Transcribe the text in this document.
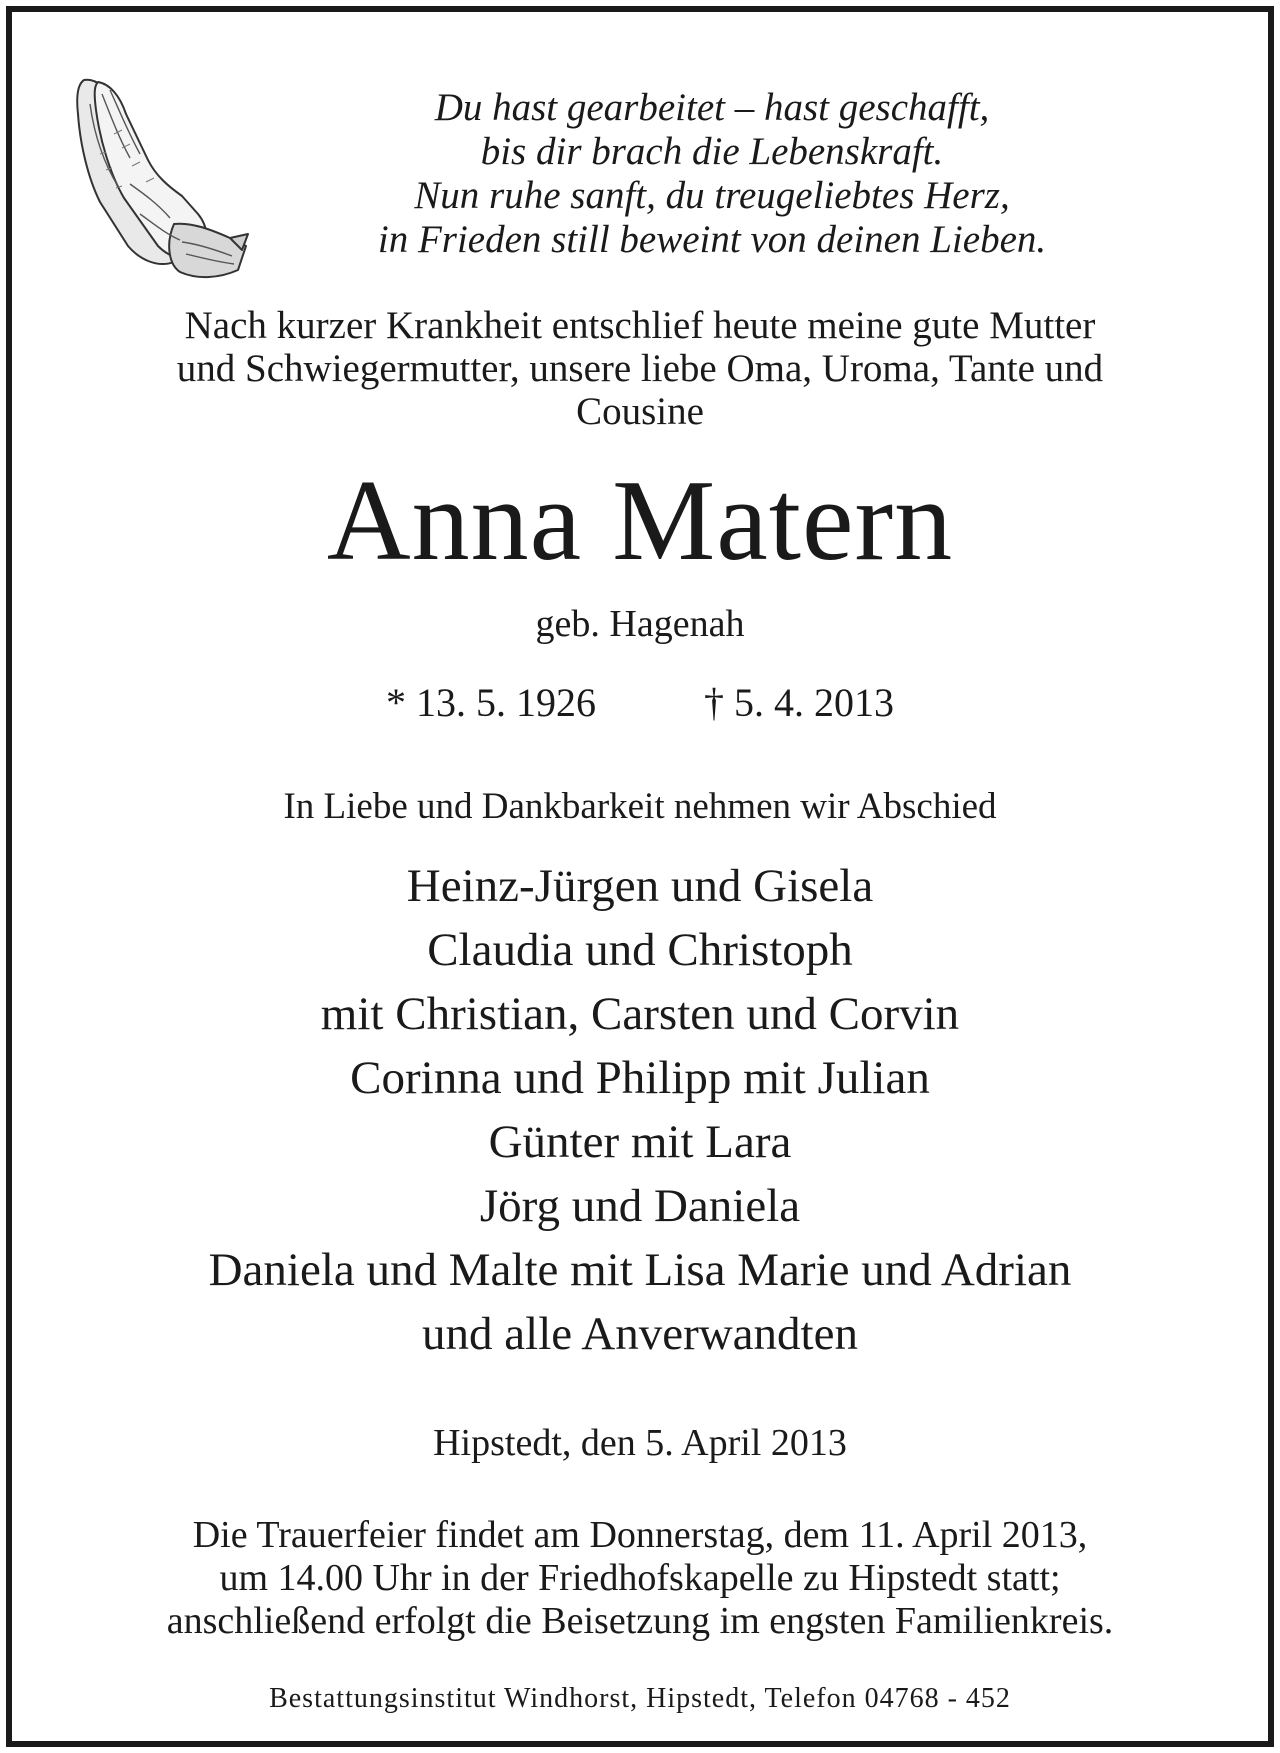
Du hast gearbeitet – hast geschafft,
bis dir brach die Lebenskraft.
Nun ruhe sanft, du treugeliebtes Herz,
in Frieden still beweint von deinen Lieben.
Nach kurzer Krankheit entschlief heute meine gute Mutter
und Schwiegermutter, unsere liebe Oma, Uroma, Tante und
Cousine
Anna Matern
geb. Hagenah
* 13. 5. 1926	† 5. 4. 2013
In Liebe und Dankbarkeit nehmen wir Abschied
Heinz-Jürgen und Gisela
Claudia und Christoph
mit Christian, Carsten und Corvin
Corinna und Philipp mit Julian
Günter mit Lara
Jörg und Daniela
Daniela und Malte mit Lisa Marie und Adrian
und alle Anverwandten
Hipstedt, den 5. April 2013
Die Trauerfeier findet am Donnerstag, dem 11. April 2013,
um 14.00 Uhr in der Friedhofskapelle zu Hipstedt statt;
anschließend erfolgt die Beisetzung im engsten Familienkreis.
Bestattungsinstitut Windhorst, Hipstedt, Telefon 04768 - 452
